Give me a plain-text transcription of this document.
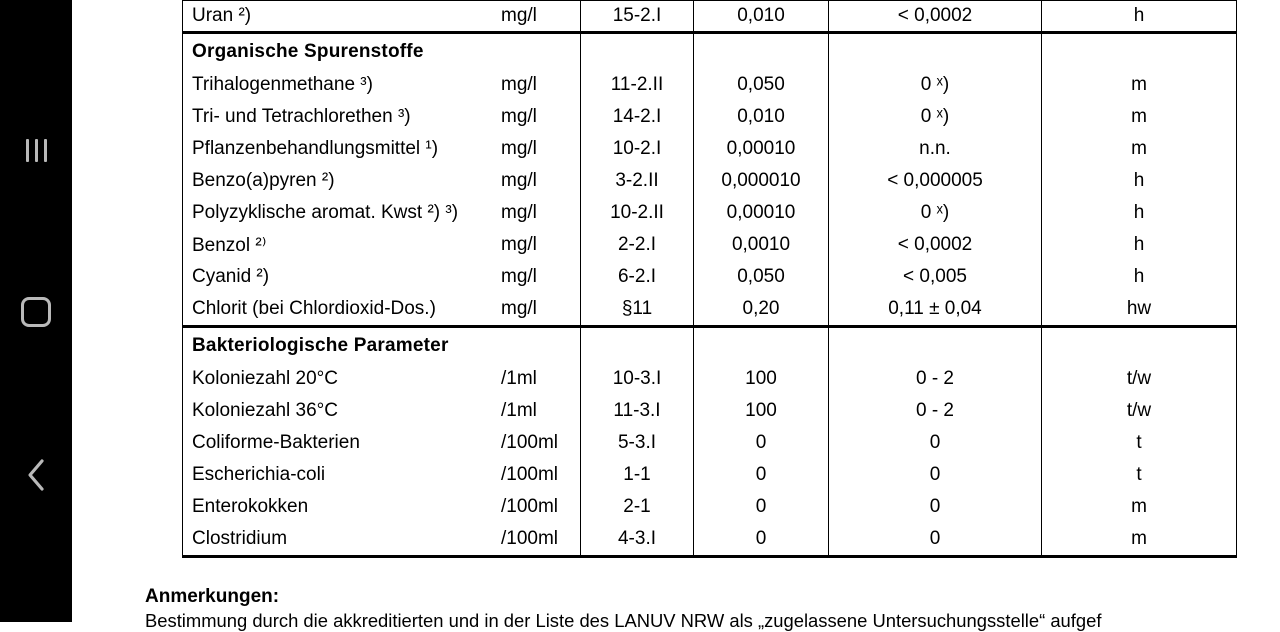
Uran ²)	mg/l	15-2.I	0,010	< 0,0002	h
Organische Spurenstoffe
Trihalogenmethane ³)	mg/l	11-2.II	0,050	0 ˣ)	m
Tri- und Tetrachlorethen ³)	mg/l	14-2.I	0,010	0 ˣ)	m
Pflanzenbehandlungsmittel ¹)	mg/l	10-2.I	0,00010	n.n.	m
Benzo(a)pyren ²)	mg/l	3-2.II	0,000010	< 0,000005	h
Polyzyklische aromat. Kwst ²) ³)	mg/l	10-2.II	0,00010	0 ˣ)	h
Benzol ²⁾	mg/l	2-2.I	0,0010	< 0,0002	h
Cyanid ²)	mg/l	6-2.I	0,050	< 0,005	h
Chlorit (bei Chlordioxid-Dos.)	mg/l	§11	0,20	0,11 ± 0,04	hw
Bakteriologische Parameter
Koloniezahl 20°C	/1ml	10-3.I	100	0 - 2	t/w
Koloniezahl 36°C	/1ml	11-3.I	100	0 - 2	t/w
Coliforme-Bakterien	/100ml	5-3.I	0	0	t
Escherichia-coli	/100ml	1-1	0	0	t
Enterokokken	/100ml	2-1	0	0	m
Clostridium	/100ml	4-3.I	0	0	m
Anmerkungen:
Bestimmung durch die akkreditierten und in der Liste des LANUV NRW als „zugelassene Untersuchungsstelle“ aufgef
